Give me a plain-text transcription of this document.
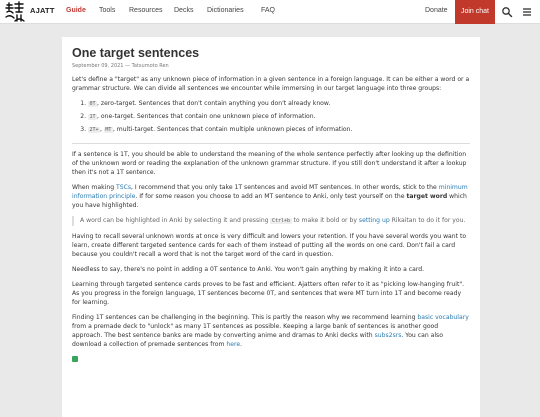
AJATT Guide Tools Resources Decks Dictionaries FAQ	Donate	Join chat
One target sentences
September 09, 2021 — Tatsumoto Ren

Let's define a "target" as any unknown piece of information in a given sentence in a foreign language. It can be either a word or a grammar structure. We can divide all sentences we encounter while immersing in our target language into three groups:

1. 0T , zero-target. Sentences that don't contain anything you don't already know.
2. 1T , one-target. Sentences that contain one unknown piece of information.
3. 2T+ , MT , multi-target. Sentences that contain multiple unknown pieces of information.

If a sentence is 1T, you should be able to understand the meaning of the whole sentence perfectly after looking up the definition of the unknown word or reading the explanation of the unknown grammar structure. If you still don't understand it after a lookup then it's not a 1T sentence.

When making TSCs, I recommend that you only take 1T sentences and avoid MT sentences. In other words, stick to the minimum information principle. If for some reason you choose to add an MT sentence to Anki, only test yourself on the target word which you have highlighted.

A word can be highlighted in Anki by selecting it and pressing Ctrl+b to make it bold or by setting up Rikaitan to do it for you.

Having to recall several unknown words at once is very difficult and lowers your retention. If you have several words you want to learn, create different targeted sentence cards for each of them instead of putting all the words on one card. Don't fail a card because you couldn't recall a word that is not the target word of the card in question.

Needless to say, there's no point in adding a 0T sentence to Anki. You won't gain anything by making it into a card.

Learning through targeted sentence cards proves to be fast and efficient. Ajatters often refer to it as "picking low-hanging fruit". As you progress in the foreign language, 1T sentences become 0T, and sentences that were MT turn into 1T and become ready for learning.

Finding 1T sentences can be challenging in the beginning. This is partly the reason why we recommend learning basic vocabulary from a premade deck to "unlock" as many 1T sentences as possible. Keeping a large bank of sentences is another good approach. The best sentence banks are made by converting anime and dramas to Anki decks with subs2srs. You can also download a collection of premade sentences from here.
